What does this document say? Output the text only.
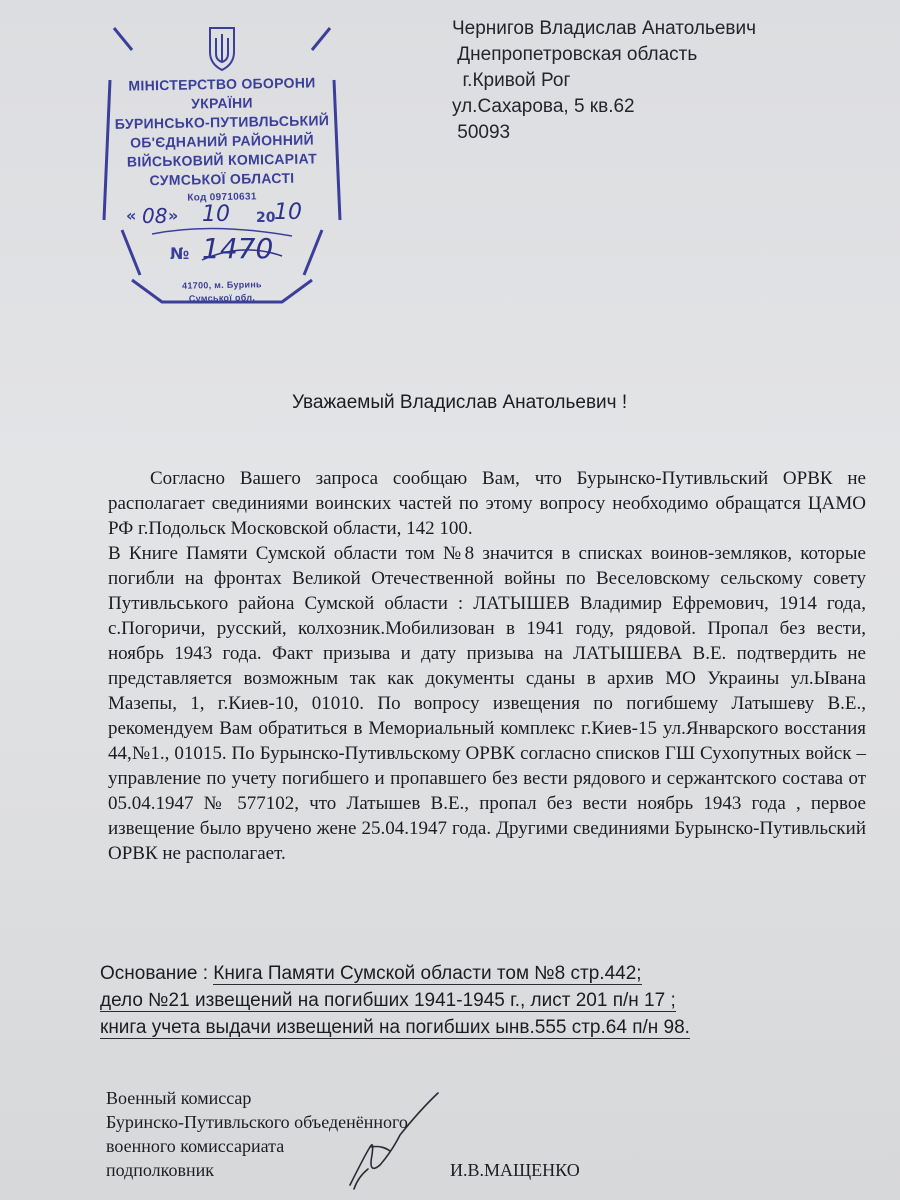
МІНІСТЕРСТВО ОБОРОНИ
УКРАЇНИ
БУРИНСЬКО-ПУТИВЛЬСЬКИЙ
ОБ'ЄДНАНИЙ РАЙОННИЙ
ВІЙСЬКОВИЙ КОМІСАРІАТ
СУМСЬКОЇ ОБЛАСТІ
Код 09710631
« 08 » 10 20
10
№ 1470
41700, м. Буринь
Сумської обл.
Чернигов Владислав Анатольевич
Днепропетровская область
г.Кривой Рог
ул.Сахарова, 5 кв.62
50093
Уважаемый Владислав Анатольевич !

Согласно Вашего запроса сообщаю Вам, что Бурынско-Путивльский ОРВК не располагает свединиями воинских частей по этому вопросу необходимо обращатся ЦАМО РФ г.Подольск Московской области, 142 100.

В Книге Памяти Сумской области том №8 значится в списках воинов-земляков, которые погибли на фронтах Великой Отечественной войны по Веселовскому сельскому совету Путивльського района Сумской области : ЛАТЫШЕВ Владимир Ефремович, 1914 года, с.Погоричи, русский, колхозник.Мобилизован в 1941 году, рядовой. Пропал без вести, ноябрь 1943 года. Факт призыва и дату призыва на ЛАТЫШЕВА В.Е. подтвердить не представляется возможным так как документы сданы в архив МО Украины ул.Ывана Мазепы, 1, г.Киев-10, 01010. По вопросу извещения по погибшему Латышеву В.Е., рекомендуем Вам обратиться в Мемориальный комплекс г.Киев-15 ул.Январского восстания 44,№1., 01015. По Бурынско-Путивльскому ОРВК согласно списков ГШ Сухопутных войск – управление по учету погибшего и пропавшего без вести рядового и сержантского состава от 05.04.1947 № 577102, что Латышев В.Е., пропал без вести ноябрь 1943 года , первое извещение было вручено жене 25.04.1947 года. Другими свединиями Бурынско-Путивльский ОРВК не располагает.

Основание : Книга Памяти Сумской области том №8 стр.442;
дело №21 извещений на погибших 1941-1945 г., лист 201 п/н 17 ;
книга учета выдачи извещений на погибших ынв.555 стр.64 п/н 98.
Военный комиссар
Буринско-Путивльского объеденённого
военного комиссариата
подполковник	И.В.МАЩЕНКО
